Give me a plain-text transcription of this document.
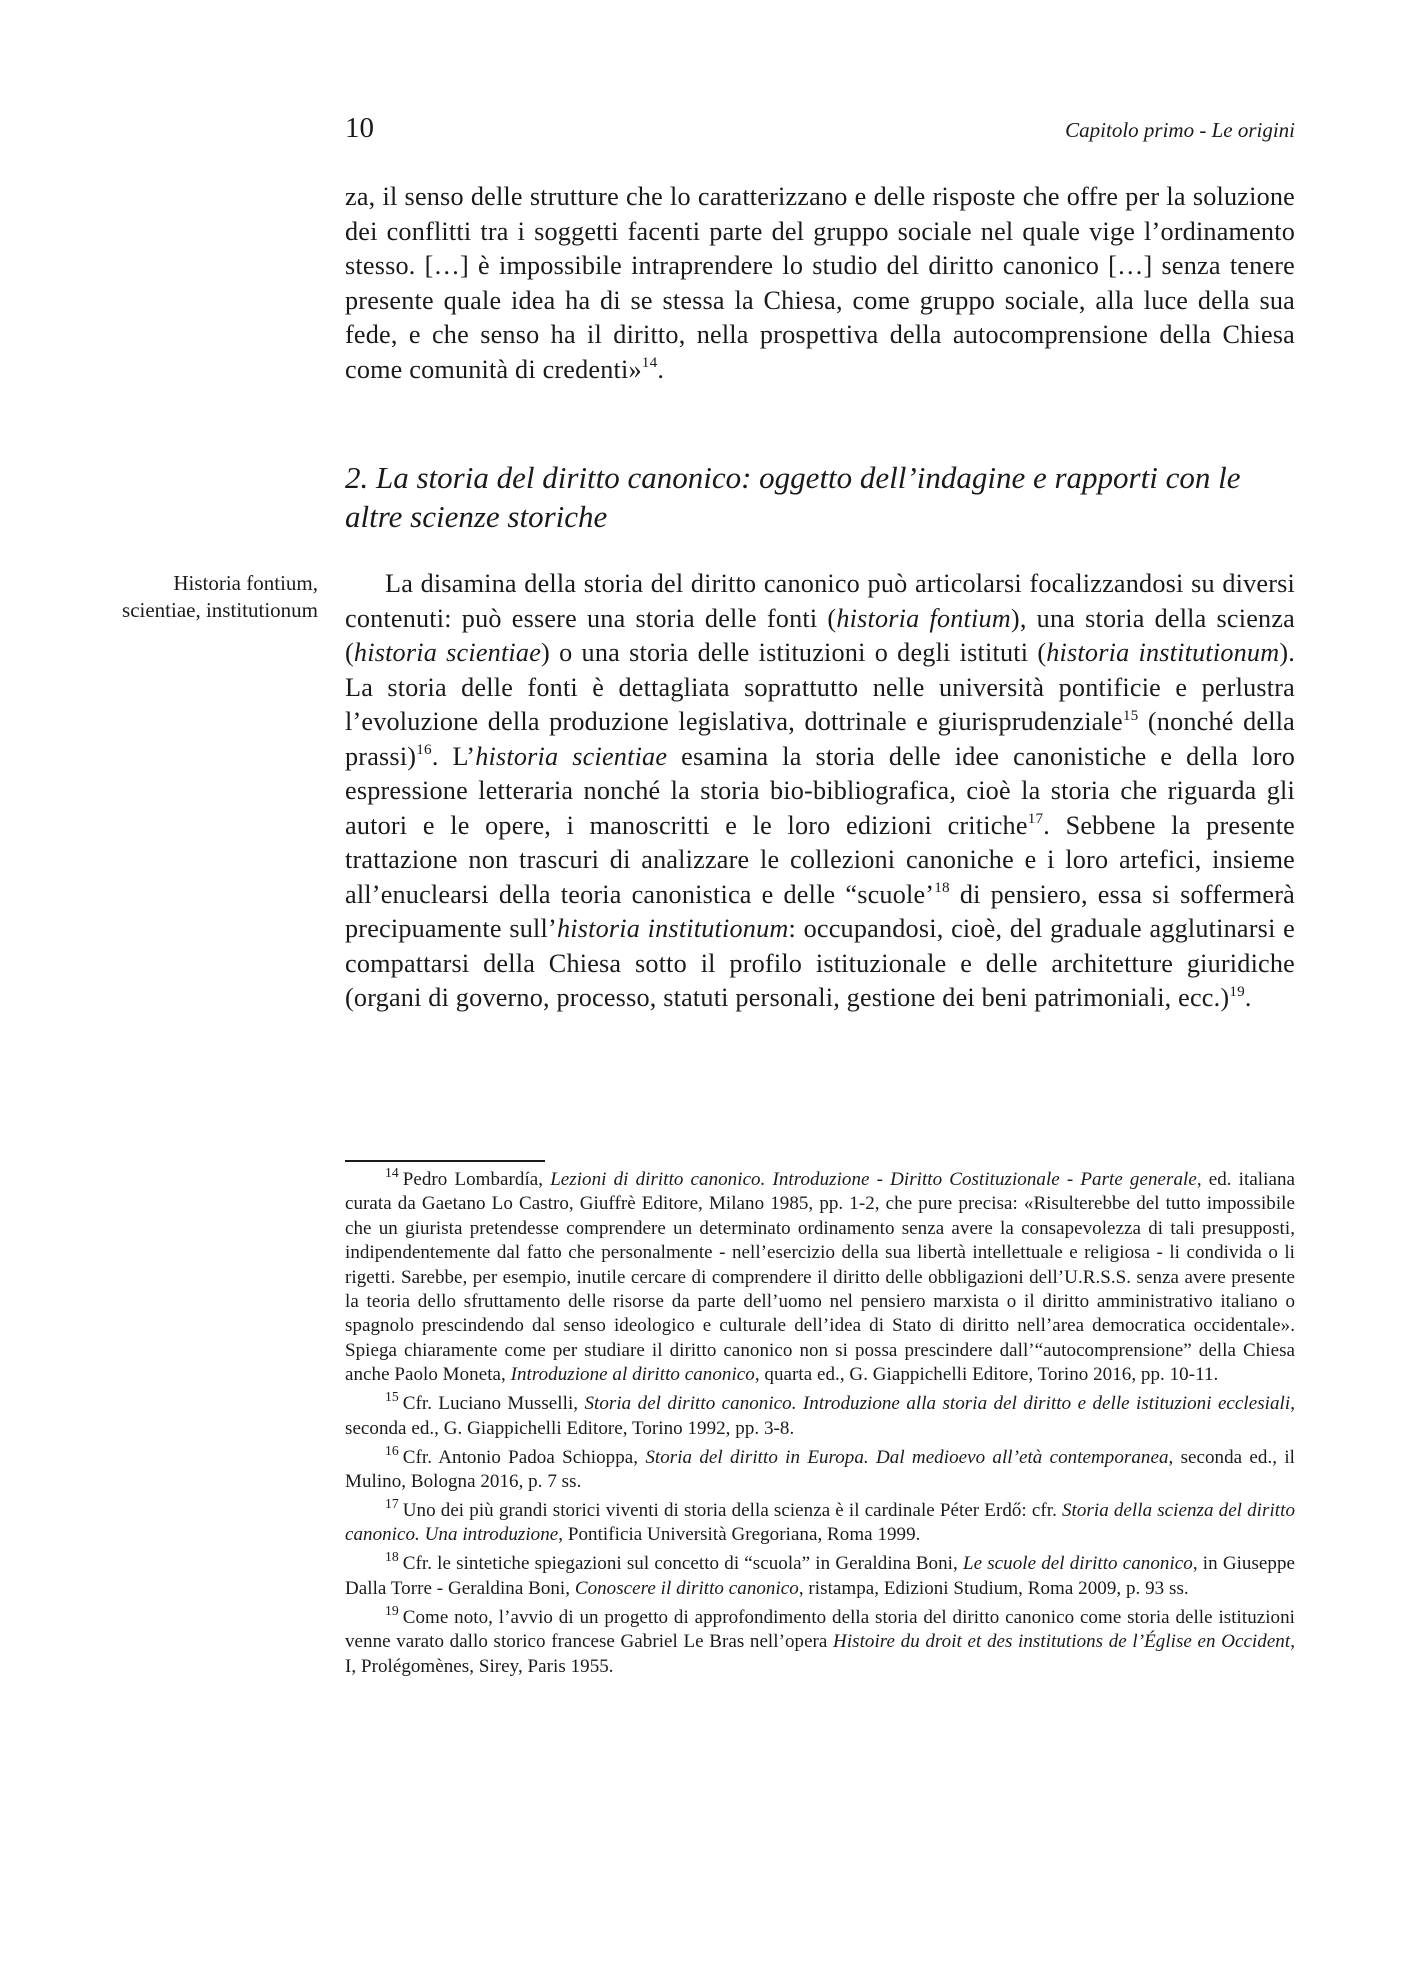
10	Capitolo primo - Le origini

za, il senso delle strutture che lo caratterizzano e delle risposte che offre per la soluzione dei conflitti tra i soggetti facenti parte del gruppo sociale nel quale vige l’ordinamento stesso. […] è impossibile intraprendere lo studio del diritto canonico […] senza tenere presente quale idea ha di se stessa la Chiesa, come gruppo sociale, alla luce della sua fede, e che senso ha il diritto, nella prospettiva della autocomprensione della Chiesa come comunità di credenti»$^{14}$.

2. La storia del diritto canonico: oggetto dell’indagine e rapporti con le altre scienze storiche
Historia fontium,
scientiae, institutionum

La disamina della storia del diritto canonico può articolarsi focalizzandosi su diversi contenuti: può essere una storia delle fonti (historia fontium), una storia della scienza (historia scientiae) o una storia delle istituzioni o degli istituti (historia institutionum). La storia delle fonti è dettagliata soprattutto nelle università pontificie e perlustra l’evoluzione della produzione legislativa, dottrinale e giurisprudenziale$^{15}$ (nonché della prassi)$^{16}$. L’historia scientiae esamina la storia delle idee canonistiche e della loro espressione letteraria nonché la storia bio-bibliografica, cioè la storia che riguarda gli autori e le opere, i manoscritti e le loro edizioni critiche$^{17}$. Sebbene la presente trattazione non trascuri di analizzare le collezioni canoniche e i loro artefici, insieme all’enuclearsi della teoria canonistica e delle “scuole’$^{18}$ di pensiero, essa si soffermerà precipuamente sull’historia institutionum: occupandosi, cioè, del graduale agglutinarsi e compattarsi della Chiesa sotto il profilo istituzionale e delle architetture giuridiche (organi di governo, processo, statuti personali, gestione dei beni patrimoniali, ecc.)$^{19}$.

$^{14}$ Pedro Lombardía, Lezioni di diritto canonico. Introduzione - Diritto Costituzionale - Parte generale, ed. italiana curata da Gaetano Lo Castro, Giuffrè Editore, Milano 1985, pp. 1-2, che pure precisa: «Risulterebbe del tutto impossibile che un giurista pretendesse comprendere un determinato ordinamento senza avere la consapevolezza di tali presupposti, indipendentemente dal fatto che personalmente - nell’esercizio della sua libertà intellettuale e religiosa - li condivida o li rigetti. Sarebbe, per esempio, inutile cercare di comprendere il diritto delle obbligazioni dell’U.R.S.S. senza avere presente la teoria dello sfruttamento delle risorse da parte dell’uomo nel pensiero marxista o il diritto amministrativo italiano o spagnolo prescindendo dal senso ideologico e culturale dell’idea di Stato di diritto nell’area democratica occidentale». Spiega chiaramente come per studiare il diritto canonico non si possa prescindere dall’“autocomprensione” della Chiesa anche Paolo Moneta, Introduzione al diritto canonico, quarta ed., G. Giappichelli Editore, Torino 2016, pp. 10-11.

$^{15}$ Cfr. Luciano Musselli, Storia del diritto canonico. Introduzione alla storia del diritto e delle istituzioni ecclesiali, seconda ed., G. Giappichelli Editore, Torino 1992, pp. 3-8.

$^{16}$ Cfr. Antonio Padoa Schioppa, Storia del diritto in Europa. Dal medioevo all’età contemporanea, seconda ed., il Mulino, Bologna 2016, p. 7 ss.

$^{17}$ Uno dei più grandi storici viventi di storia della scienza è il cardinale Péter Erdő: cfr. Storia della scienza del diritto canonico. Una introduzione, Pontificia Università Gregoriana, Roma 1999.

$^{18}$ Cfr. le sintetiche spiegazioni sul concetto di “scuola” in Geraldina Boni, Le scuole del diritto canonico, in Giuseppe Dalla Torre - Geraldina Boni, Conoscere il diritto canonico, ristampa, Edizioni Studium, Roma 2009, p. 93 ss.

$^{19}$ Come noto, l’avvio di un progetto di approfondimento della storia del diritto canonico come storia delle istituzioni venne varato dallo storico francese Gabriel Le Bras nell’opera Histoire du droit et des institutions de l’Église en Occident, I, Prolégomènes, Sirey, Paris 1955.
